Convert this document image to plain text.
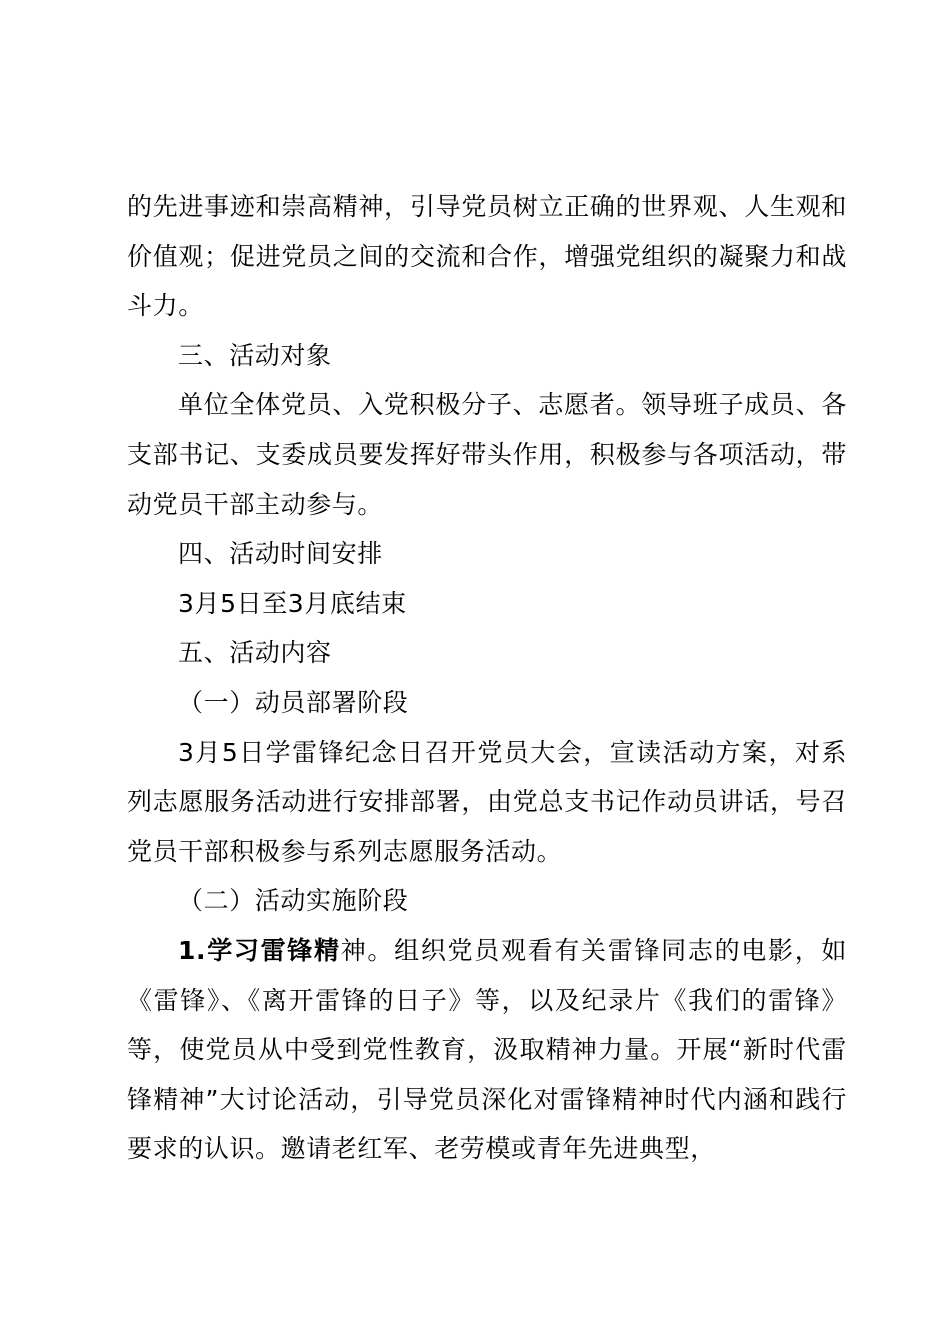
的先进事迹和崇高精神，引导党员树立正确的世界观、人生观和价值观；促进党员之间的交流和合作，增强党组织的凝聚力和战斗力。

三、活动对象

单位全体党员、入党积极分子、志愿者。领导班子成员、各支部书记、支委成员要发挥好带头作用，积极参与各项活动，带动党员干部主动参与。

四、活动时间安排

3月5日至3月底结束

五、活动内容

（一）动员部署阶段

3月5日学雷锋纪念日召开党员大会，宣读活动方案，对系列志愿服务活动进行安排部署，由党总支书记作动员讲话，号召党员干部积极参与系列志愿服务活动。

（二）活动实施阶段

1.学习雷锋精神。组织党员观看有关雷锋同志的电影，如《雷锋》、《离开雷锋的日子》等，以及纪录片《我们的雷锋》等，使党员从中受到党性教育，汲取精神力量。开展“新时代雷锋精神”大讨论活动，引导党员深化对雷锋精神时代内涵和践行要求的认识。邀请老红军、老劳模或青年先进典型，
